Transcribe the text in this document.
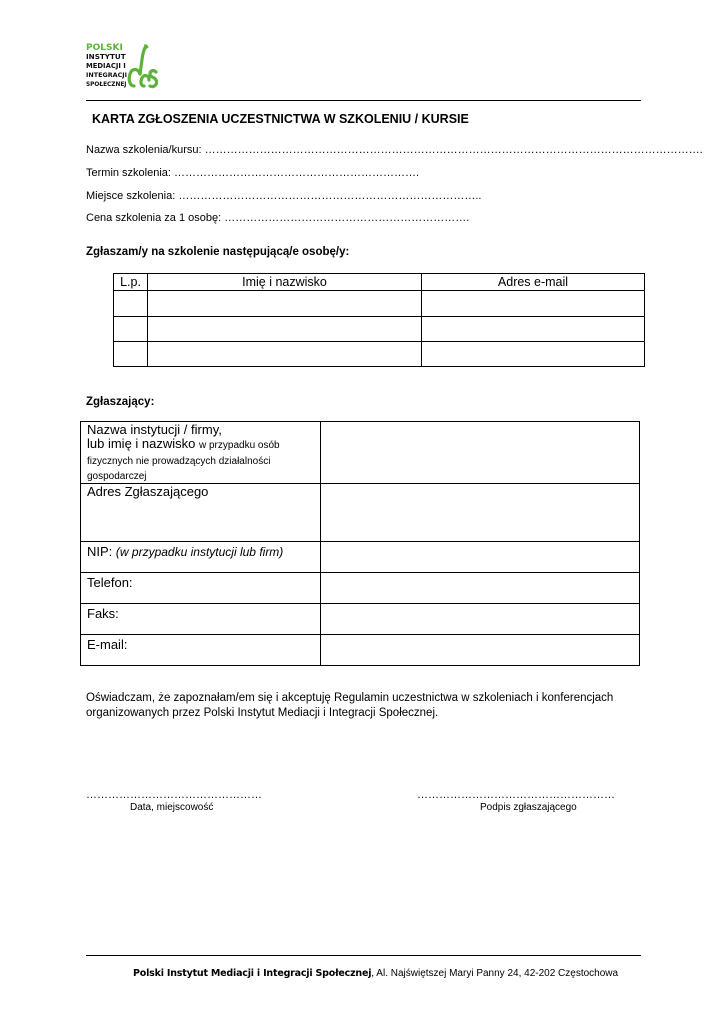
POLSKI
INSTYTUT
MEDIACJI I
INTEGRACJI
SPOŁECZNEJ
KARTA ZGŁOSZENIA UCZESTNICTWA W SZKOLENIU / KURSIE
Nazwa szkolenia/kursu: ……………………………………………………………………………………………………………………….
Termin szkolenia: ………………………………………………………….
Miejsce szkolenia: ………………………………………………………………………..
Cena szkolenia za 1 osobę: ………………………………………………………….
Zgłaszam/y na szkolenie następującą/e osobę/y:
L.p.	Imię i nazwisko	Adres e-mail

Zgłaszający:
Nazwa instytucji / firmy,
lub imię i nazwisko w przypadku osób
fizycznych nie prowadzących działalności gospodarczej	
Adres Zgłaszającego	
NIP: (w przypadku instytucji lub firm)	
Telefon:	
Faks:	
E-mail:	
Oświadczam, że zapoznałam/em się i akceptuję Regulamin uczestnictwa w szkoleniach i konferencjach organizowanych przez Polski Instytut Mediacji i Integracji Społecznej.
…………………………………………
Data, miejscowość
………………………………………………
Podpis zgłaszającego
Polski Instytut Mediacji i Integracji Społecznej, Al. Najświętszej Maryi Panny 24, 42-202 Częstochowa
